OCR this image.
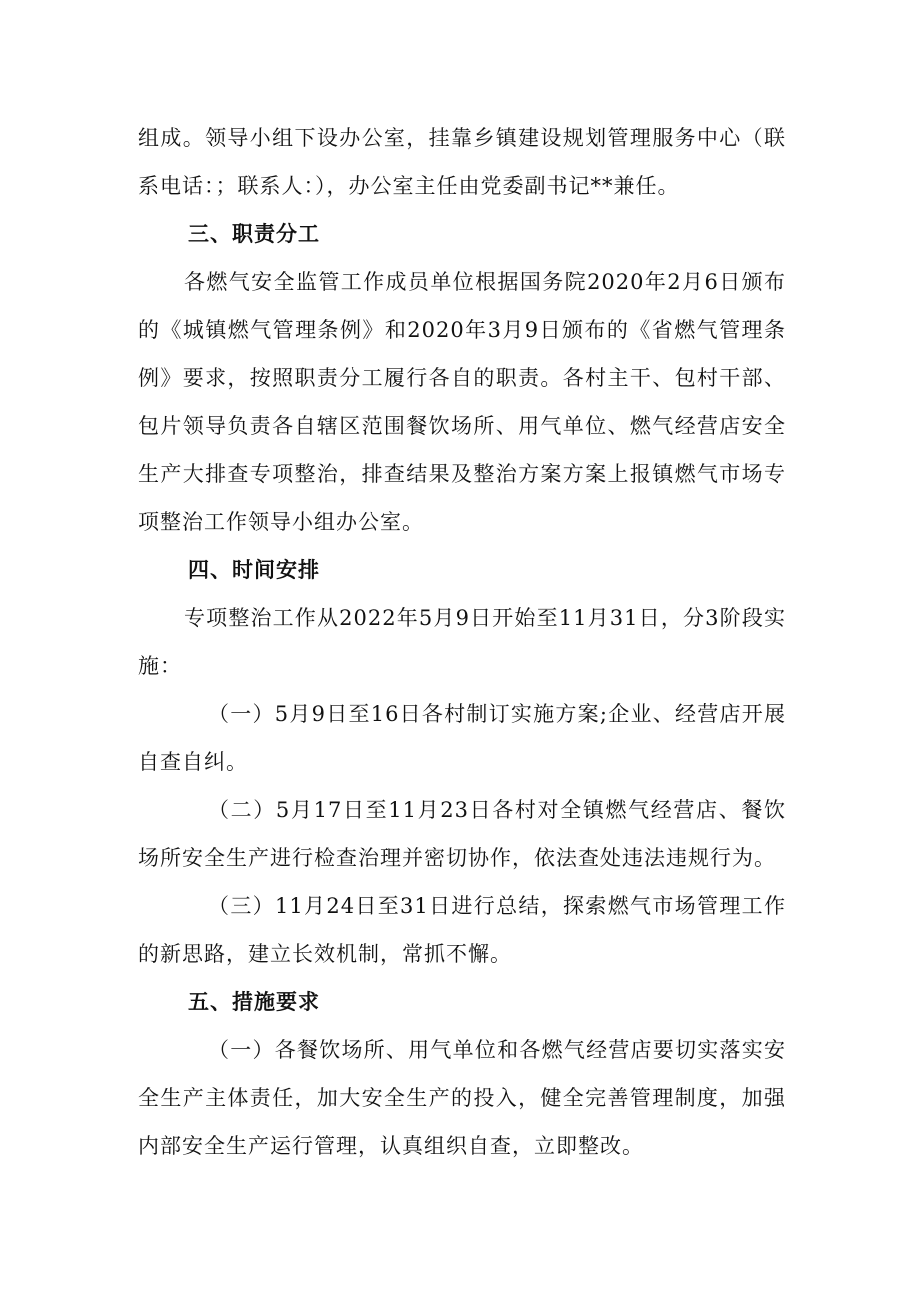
组成。领导小组下设办公室，挂靠乡镇建设规划管理服务中心（联系电话：；联系人：），办公室主任由党委副书记**兼任。

三、职责分工

各燃气安全监管工作成员单位根据国务院2020年2月6日颁布的《城镇燃气管理条例》和2020年3月9日颁布的《省燃气管理条例》要求，按照职责分工履行各自的职责。各村主干、包村干部、包片领导负责各自辖区范围餐饮场所、用气单位、燃气经营店安全生产大排查专项整治，排查结果及整治方案方案上报镇燃气市场专项整治工作领导小组办公室。

四、时间安排

专项整治工作从2022年5月9日开始至11月31日，分3阶段实施：

（一）5月9日至16日各村制订实施方案;企业、经营店开展自查自纠。

（二）5月17日至11月23日各村对全镇燃气经营店、餐饮场所安全生产进行检查治理并密切协作，依法查处违法违规行为。

（三）11月24日至31日进行总结，探索燃气市场管理工作的新思路，建立长效机制，常抓不懈。

五、措施要求

（一）各餐饮场所、用气单位和各燃气经营店要切实落实安全生产主体责任，加大安全生产的投入，健全完善管理制度，加强内部安全生产运行管理，认真组织自查，立即整改。
